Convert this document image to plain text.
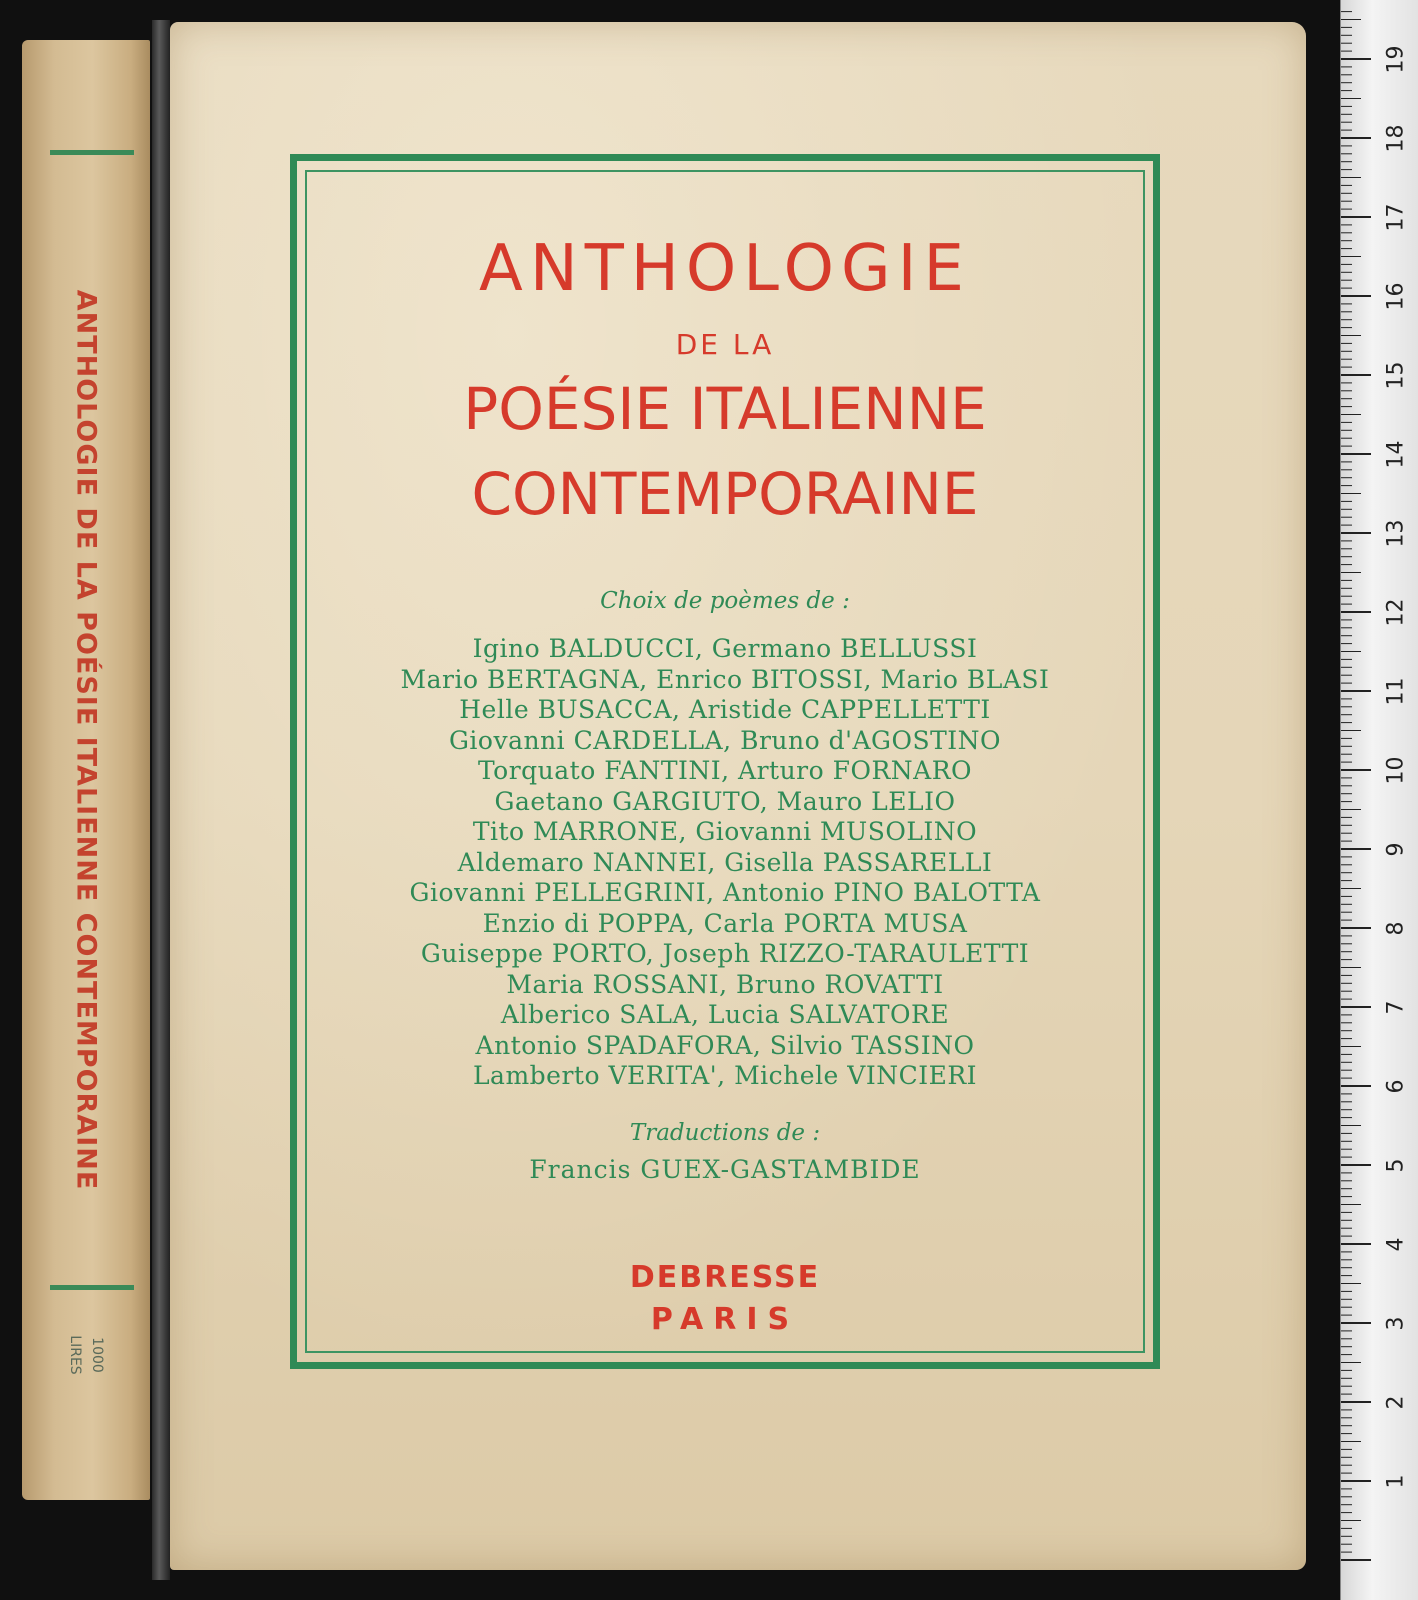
ANTHOLOGIE DE LA POÉSIE ITALIENNE CONTEMPORAINE
1000
LIRES
ANTHOLOGIE
DE LA
POÉSIE ITALIENNE
CONTEMPORAINE
Choix de poèmes de :
Igino BALDUCCI, Germano BELLUSSI
Mario BERTAGNA, Enrico BITOSSI, Mario BLASI
Helle BUSACCA, Aristide CAPPELLETTI
Giovanni CARDELLA, Bruno d'AGOSTINO
Torquato FANTINI, Arturo FORNARO
Gaetano GARGIUTO, Mauro LELIO
Tito MARRONE, Giovanni MUSOLINO
Aldemaro NANNEI, Gisella PASSARELLI
Giovanni PELLEGRINI, Antonio PINO BALOTTA
Enzio di POPPA, Carla PORTA MUSA
Guiseppe PORTO, Joseph RIZZO-TARAULETTI
Maria ROSSANI, Bruno ROVATTI
Alberico SALA, Lucia SALVATORE
Antonio SPADAFORA, Silvio TASSINO
Lamberto VERITA', Michele VINCIERI
Traductions de :
Francis GUEX-GASTAMBIDE
DEBRESSE
PARIS
1
2
3
4
5
6
7
8
9
10
11
12
13
14
15
16
17
18
19
